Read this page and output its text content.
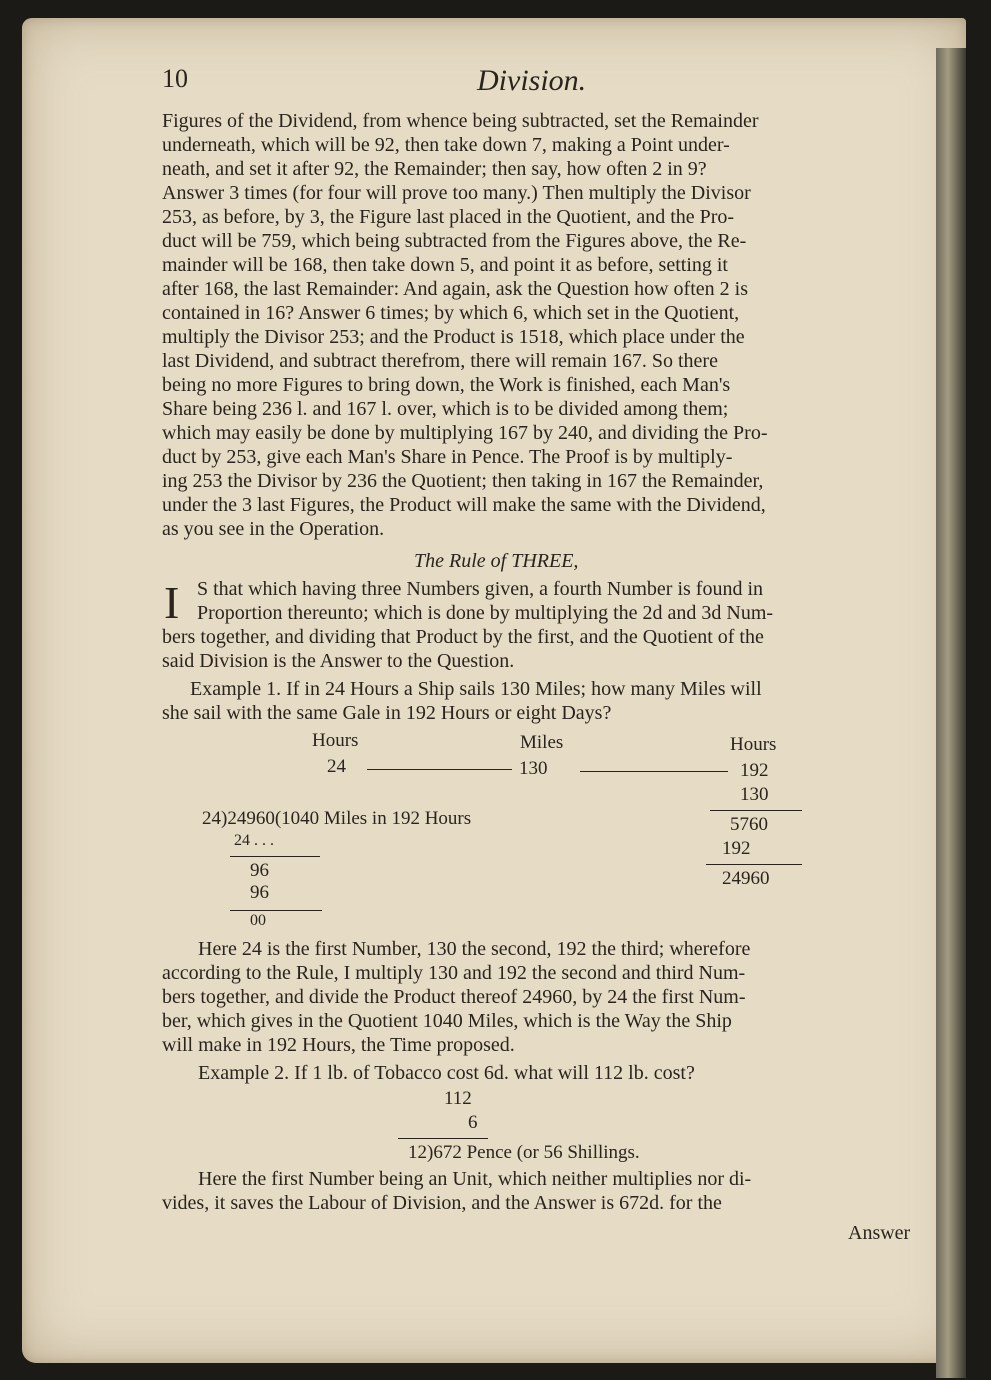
10	Division.
Figures of the Dividend, from whence being subtracted, set the Remainder
underneath, which will be 92, then take down 7, making a Point under-
neath, and set it after 92, the Remainder; then say, how often 2 in 9?
Answer 3 times (for four will prove too many.) Then multiply the Divisor
253, as before, by 3, the Figure last placed in the Quotient, and the Pro-
duct will be 759, which being subtracted from the Figures above, the Re-
mainder will be 168, then take down 5, and point it as before, setting it
after 168, the last Remainder: And again, ask the Question how often 2 is
contained in 16? Answer 6 times; by which 6, which set in the Quotient,
multiply the Divisor 253; and the Product is 1518, which place under the
last Dividend, and subtract therefrom, there will remain 167. So there
being no more Figures to bring down, the Work is finished, each Man's
Share being 236 l. and 167 l. over, which is to be divided among them;
which may easily be done by multiplying 167 by 240, and dividing the Pro-
duct by 253, give each Man's Share in Pence. The Proof is by multiply-
ing 253 the Divisor by 236 the Quotient; then taking in 167 the Remainder,
under the 3 last Figures, the Product will make the same with the Dividend,
as you see in the Operation.
The Rule of THREE,
I S that which having three Numbers given, a fourth Number is found in
Proportion thereunto; which is done by multiplying the 2d and 3d Num-
bers together, and dividing that Product by the first, and the Quotient of the
said Division is the Answer to the Question.
Example 1. If in 24 Hours a Ship sails 130 Miles; how many Miles will
she sail with the same Gale in 192 Hours or eight Days?
Hours	Miles	Hours
24	130	192
130
5760
192
24960
24)24960(1040 Miles in 192 Hours
24 . . .
96
96
00
Here 24 is the first Number, 130 the second, 192 the third; wherefore
according to the Rule, I multiply 130 and 192 the second and third Num-
bers together, and divide the Product thereof 24960, by 24 the first Num-
ber, which gives in the Quotient 1040 Miles, which is the Way the Ship
will make in 192 Hours, the Time proposed.
Example 2. If 1 lb. of Tobacco cost 6d. what will 112 lb. cost?
112
6
12)672 Pence (or 56 Shillings.
Here the first Number being an Unit, which neither multiplies nor di-
vides, it saves the Labour of Division, and the Answer is 672d. for the
Answer
